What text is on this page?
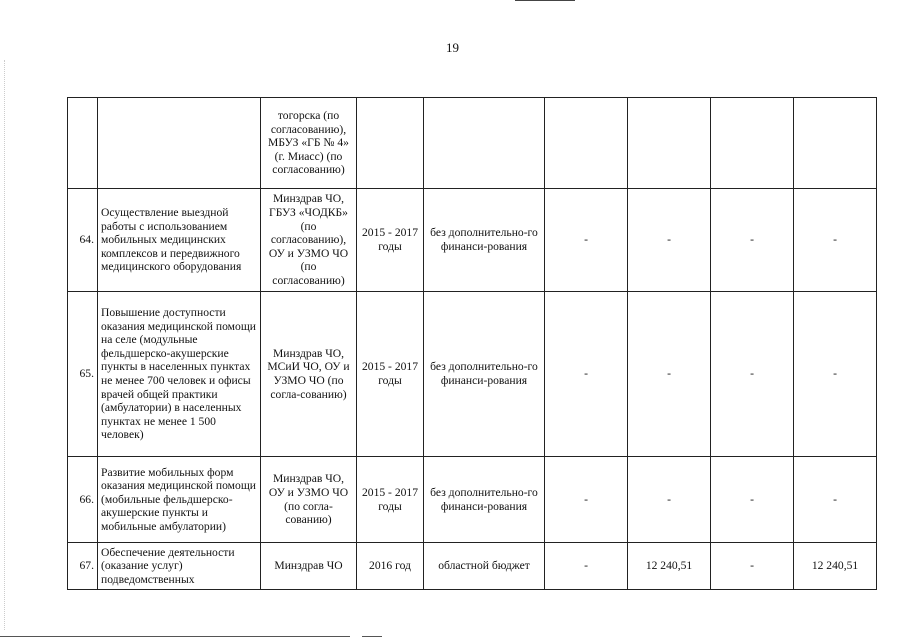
19
		тогорска (по согласованию), МБУЗ «ГБ № 4» (г. Миасс) (по согласованию)						
64.	Осуществление выездной работы с использованием мобильных медицинских комплексов и передвижного медицинского оборудования	Минздрав ЧО, ГБУЗ «ЧОДКБ» (по согласованию), ОУ и УЗМО ЧО (по согласованию)	2015 - 2017 годы	без дополнительно-го финанси-рования	-	-	-	-
65.	Повышение доступности оказания медицинской помощи на селе (модульные фельдшерско-акушерские пункты в населенных пунктах не менее 700 человек и офисы врачей общей практики (амбулатории) в населенных пунктах не менее 1 500 человек)	Минздрав ЧО, МСиИ ЧО, ОУ и УЗМО ЧО (по согла-сованию)	2015 - 2017 годы	без дополнительно-го финанси-рования	-	-	-	-
66.	Развитие мобильных форм оказания медицинской помощи (мобильные фельдшерско-акушерские пункты и мобильные амбулатории)	Минздрав ЧО, ОУ и УЗМО ЧО (по согла-сованию)	2015 - 2017 годы	без дополнительно-го финанси-рования	-	-	-	-
67.	Обеспечение деятельности (оказание услуг) подведомственных	Минздрав ЧО	2016 год	областной бюджет	-	12 240,51	-	12 240,51
